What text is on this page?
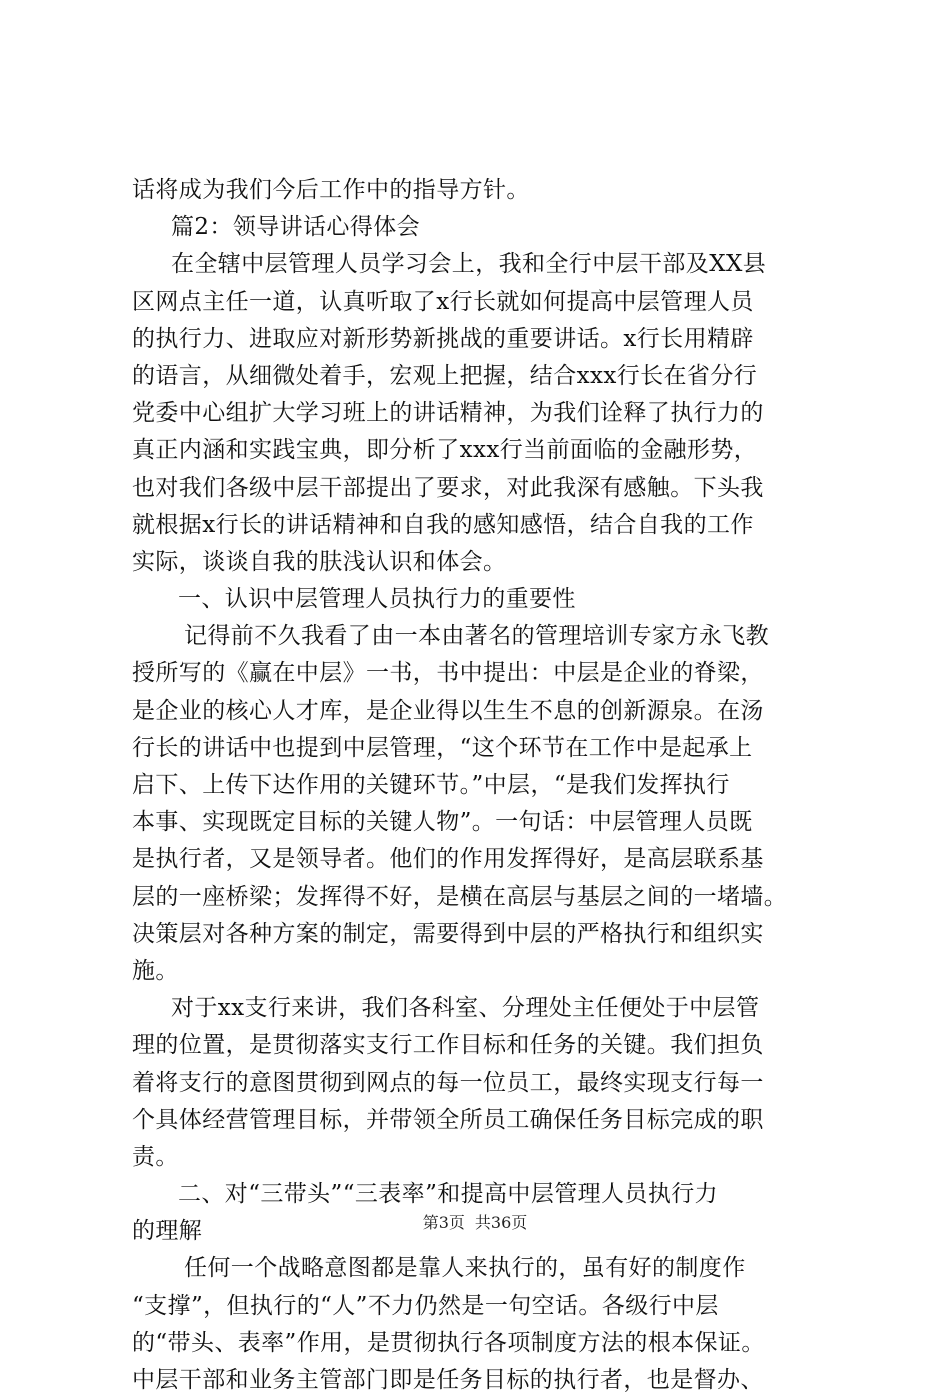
话将成为我们今后工作中的指导方针。
篇2：领导讲话心得体会
在全辖中层管理人员学习会上，我和全行中层干部及XX县
区网点主任一道，认真听取了x行长就如何提高中层管理人员
的执行力、进取应对新形势新挑战的重要讲话。x行长用精辟
的语言，从细微处着手，宏观上把握，结合xxx行长在省分行
党委中心组扩大学习班上的讲话精神，为我们诠释了执行力的
真正内涵和实践宝典，即分析了xxx行当前面临的金融形势，
也对我们各级中层干部提出了要求，对此我深有感触。下头我
就根据x行长的讲话精神和自我的感知感悟，结合自我的工作
实际，谈谈自我的肤浅认识和体会。
一、认识中层管理人员执行力的重要性
记得前不久我看了由一本由著名的管理培训专家方永飞教
授所写的《赢在中层》一书，书中提出：中层是企业的脊梁，
是企业的核心人才库，是企业得以生生不息的创新源泉。在汤
行长的讲话中也提到中层管理，“这个环节在工作中是起承上
启下、上传下达作用的关键环节。”中层，“是我们发挥执行
本事、实现既定目标的关键人物”。一句话：中层管理人员既
是执行者，又是领导者。他们的作用发挥得好，是高层联系基
层的一座桥梁；发挥得不好，是横在高层与基层之间的一堵墙。
决策层对各种方案的制定，需要得到中层的严格执行和组织实
施。
对于xx支行来讲，我们各科室、分理处主任便处于中层管
理的位置，是贯彻落实支行工作目标和任务的关键。我们担负
着将支行的意图贯彻到网点的每一位员工，最终实现支行每一
个具体经营管理目标，并带领全所员工确保任务目标完成的职
责。
二、对“三带头”“三表率”和提高中层管理人员执行力
的理解
任何一个战略意图都是靠人来执行的，虽有好的制度作
“支撑”，但执行的“人”不力仍然是一句空话。各级行中层
的“带头、表率”作用，是贯彻执行各项制度方法的根本保证。
中层干部和业务主管部门即是任务目标的执行者，也是督办、
第3页 共36页
